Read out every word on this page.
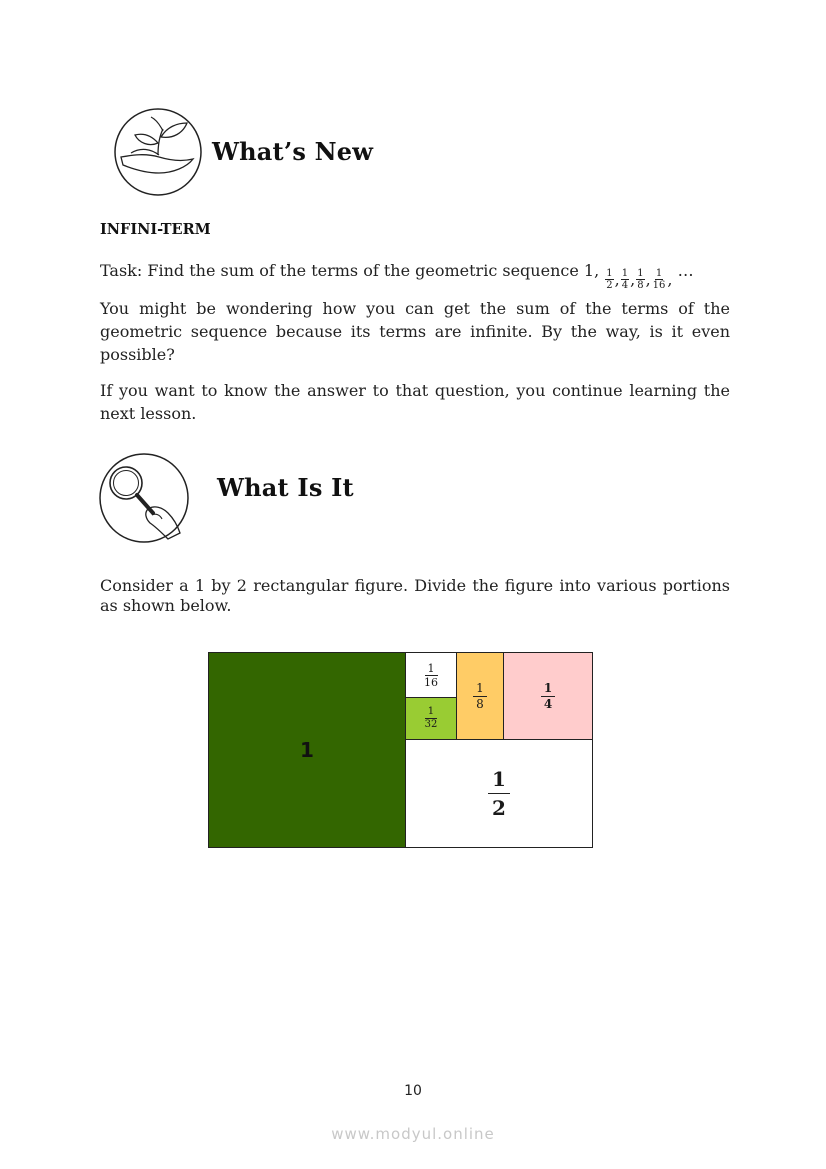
What’s New
INFINI-TERM
Task: Find the sum of the terms of the geometric sequence 1, $\frac{1}{2}$ , $\frac{1}{4}$ , $\frac{1}{8}$ , $\frac{1}{16}$ , …
You might be wondering how you can get the sum of the terms of the geometric sequence because its terms are infinite. By the way, is it even possible?
If you want to know the answer to that question, you continue learning the next lesson.
What Is It
Consider a 1 by 2 rectangular figure. Divide the figure into various portions as shown below.
1
$\frac{1}{16}$
$\frac{1}{32}$
$\frac{1}{8}$	$\frac{1}{4}$
$\frac{1}{2}$
10
www.modyul.online
